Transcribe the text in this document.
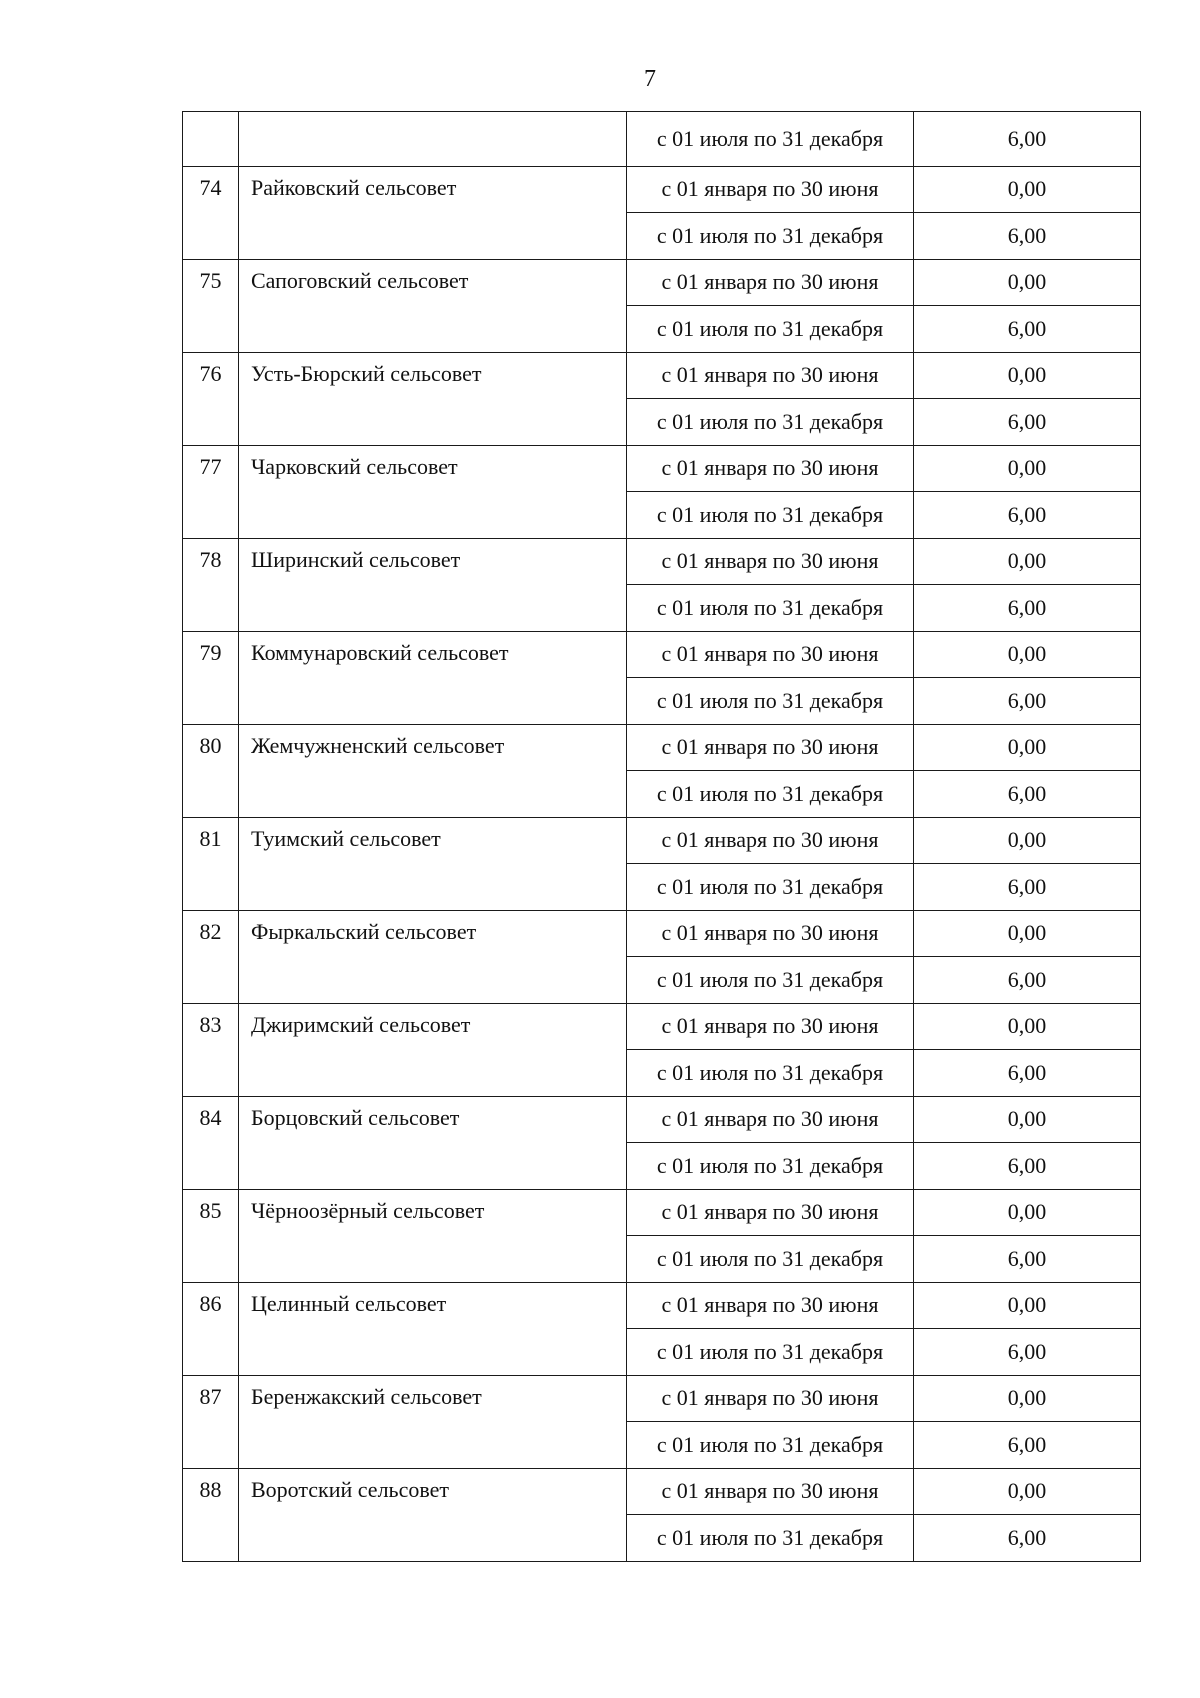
7
		с 01 июля по 31 декабря	6,00
74	Райковский сельсовет	с 01 января по 30 июня	0,00
		с 01 июля по 31 декабря	6,00
75	Сапоговский сельсовет	с 01 января по 30 июня	0,00
		с 01 июля по 31 декабря	6,00
76	Усть-Бюрский сельсовет	с 01 января по 30 июня	0,00
		с 01 июля по 31 декабря	6,00
77	Чарковский сельсовет	с 01 января по 30 июня	0,00
		с 01 июля по 31 декабря	6,00
78	Ширинский сельсовет	с 01 января по 30 июня	0,00
		с 01 июля по 31 декабря	6,00
79	Коммунаровский сельсовет	с 01 января по 30 июня	0,00
		с 01 июля по 31 декабря	6,00
80	Жемчужненский сельсовет	с 01 января по 30 июня	0,00
		с 01 июля по 31 декабря	6,00
81	Туимский сельсовет	с 01 января по 30 июня	0,00
		с 01 июля по 31 декабря	6,00
82	Фыркальский сельсовет	с 01 января по 30 июня	0,00
		с 01 июля по 31 декабря	6,00
83	Джиримский сельсовет	с 01 января по 30 июня	0,00
		с 01 июля по 31 декабря	6,00
84	Борцовский сельсовет	с 01 января по 30 июня	0,00
		с 01 июля по 31 декабря	6,00
85	Чёрноозёрный сельсовет	с 01 января по 30 июня	0,00
		с 01 июля по 31 декабря	6,00
86	Целинный сельсовет	с 01 января по 30 июня	0,00
		с 01 июля по 31 декабря	6,00
87	Беренжакский сельсовет	с 01 января по 30 июня	0,00
		с 01 июля по 31 декабря	6,00
88	Воротский сельсовет	с 01 января по 30 июня	0,00
		с 01 июля по 31 декабря	6,00
